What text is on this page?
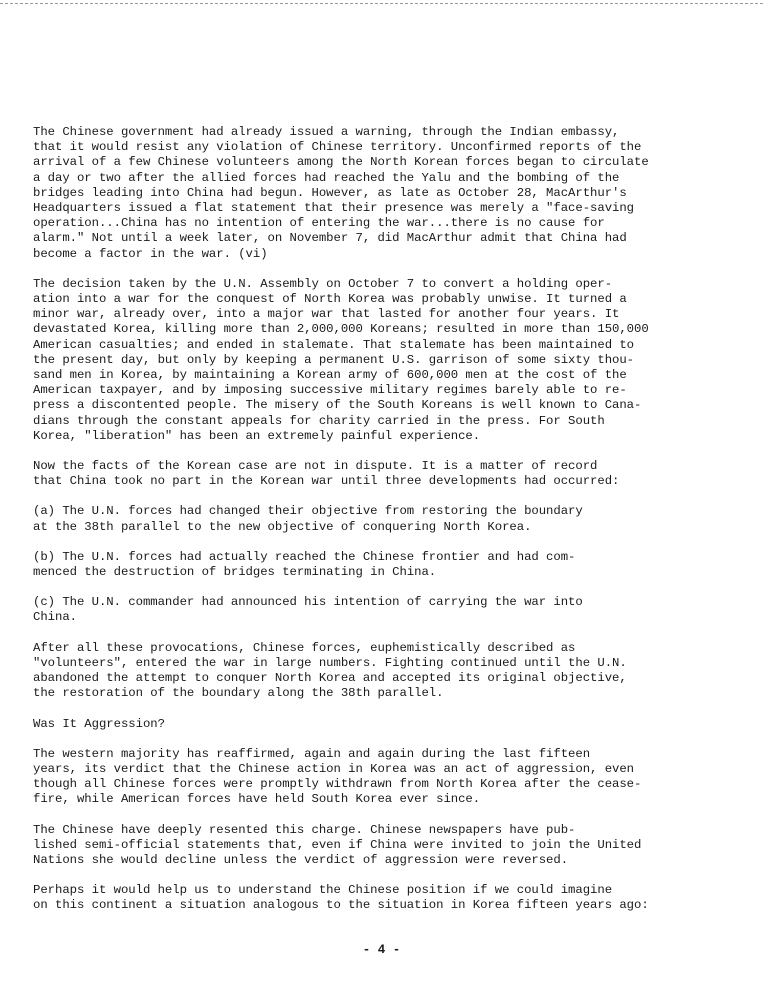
The Chinese government had already issued a warning, through the Indian embassy,
that it would resist any violation of Chinese territory. Unconfirmed reports of the
arrival of a few Chinese volunteers among the North Korean forces began to circulate
a day or two after the allied forces had reached the Yalu and the bombing of the
bridges leading into China had begun. However, as late as October 28, MacArthur's
Headquarters issued a flat statement that their presence was merely a "face-saving
operation...China has no intention of entering the war...there is no cause for
alarm." Not until a week later, on November 7, did MacArthur admit that China had
become a factor in the war. (vi)

The decision taken by the U.N. Assembly on October 7 to convert a holding oper-
ation into a war for the conquest of North Korea was probably unwise. It turned a
minor war, already over, into a major war that lasted for another four years. It
devastated Korea, killing more than 2,000,000 Koreans; resulted in more than 150,000
American casualties; and ended in stalemate. That stalemate has been maintained to
the present day, but only by keeping a permanent U.S. garrison of some sixty thou-
sand men in Korea, by maintaining a Korean army of 600,000 men at the cost of the
American taxpayer, and by imposing successive military regimes barely able to re-
press a discontented people. The misery of the South Koreans is well known to Cana-
dians through the constant appeals for charity carried in the press. For South
Korea, "liberation" has been an extremely painful experience.

Now the facts of the Korean case are not in dispute. It is a matter of record
that China took no part in the Korean war until three developments had occurred:

(a) The U.N. forces had changed their objective from restoring the boundary
at the 38th parallel to the new objective of conquering North Korea.

(b) The U.N. forces had actually reached the Chinese frontier and had com-
menced the destruction of bridges terminating in China.

(c) The U.N. commander had announced his intention of carrying the war into
China.

After all these provocations, Chinese forces, euphemistically described as
"volunteers", entered the war in large numbers. Fighting continued until the U.N.
abandoned the attempt to conquer North Korea and accepted its original objective,
the restoration of the boundary along the 38th parallel.

Was It Aggression?

The western majority has reaffirmed, again and again during the last fifteen
years, its verdict that the Chinese action in Korea was an act of aggression, even
though all Chinese forces were promptly withdrawn from North Korea after the cease-
fire, while American forces have held South Korea ever since.

The Chinese have deeply resented this charge. Chinese newspapers have pub-
lished semi-official statements that, even if China were invited to join the United
Nations she would decline unless the verdict of aggression were reversed.

Perhaps it would help us to understand the Chinese position if we could imagine
on this continent a situation analogous to the situation in Korea fifteen years ago:

- 4 -
